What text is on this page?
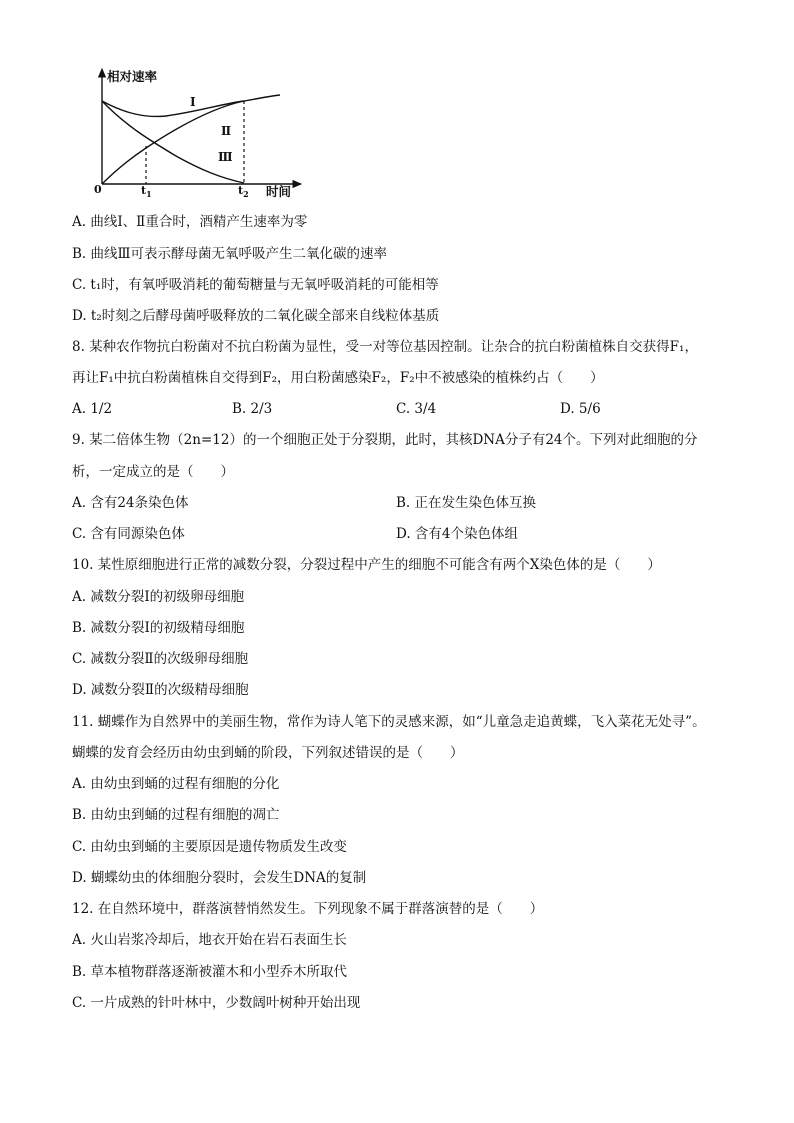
相对速率
时间
0
Ⅰ
Ⅱ
Ⅲ
$t_1$	$t_2$
A. 曲线Ⅰ、Ⅱ重合时，酒精产生速率为零
B. 曲线Ⅲ可表示酵母菌无氧呼吸产生二氧化碳的速率
C. t₁时，有氧呼吸消耗的葡萄糖量与无氧呼吸消耗的可能相等
D. t₂时刻之后酵母菌呼吸释放的二氧化碳全部来自线粒体基质
8. 某种农作物抗白粉菌对不抗白粉菌为显性，受一对等位基因控制。让杂合的抗白粉菌植株自交获得F₁，
再让F₁中抗白粉菌植株自交得到F₂，用白粉菌感染F₂，F₂中不被感染的植株约占（　　）
A. 1/2	B. 2/3	C. 3/4	D. 5/6
9. 某二倍体生物（2n=12）的一个细胞正处于分裂期，此时，其核DNA分子有24个。下列对此细胞的分
析，一定成立的是（　　）
A. 含有24条染色体	B. 正在发生染色体互换
C. 含有同源染色体	D. 含有4个染色体组
10. 某性原细胞进行正常的减数分裂，分裂过程中产生的细胞不可能含有两个X染色体的是（　　）
A. 减数分裂Ⅰ的初级卵母细胞
B. 减数分裂Ⅰ的初级精母细胞
C. 减数分裂Ⅱ的次级卵母细胞
D. 减数分裂Ⅱ的次级精母细胞
11. 蝴蝶作为自然界中的美丽生物，常作为诗人笔下的灵感来源，如“儿童急走追黄蝶，飞入菜花无处寻”。
蝴蝶的发育会经历由幼虫到蛹的阶段，下列叙述错误的是（　　）
A. 由幼虫到蛹的过程有细胞的分化
B. 由幼虫到蛹的过程有细胞的凋亡
C. 由幼虫到蛹的主要原因是遗传物质发生改变
D. 蝴蝶幼虫的体细胞分裂时，会发生DNA的复制
12. 在自然环境中，群落演替悄然发生。下列现象不属于群落演替的是（　　）
A. 火山岩浆冷却后，地衣开始在岩石表面生长
B. 草本植物群落逐渐被灌木和小型乔木所取代
C. 一片成熟的针叶林中，少数阔叶树种开始出现
